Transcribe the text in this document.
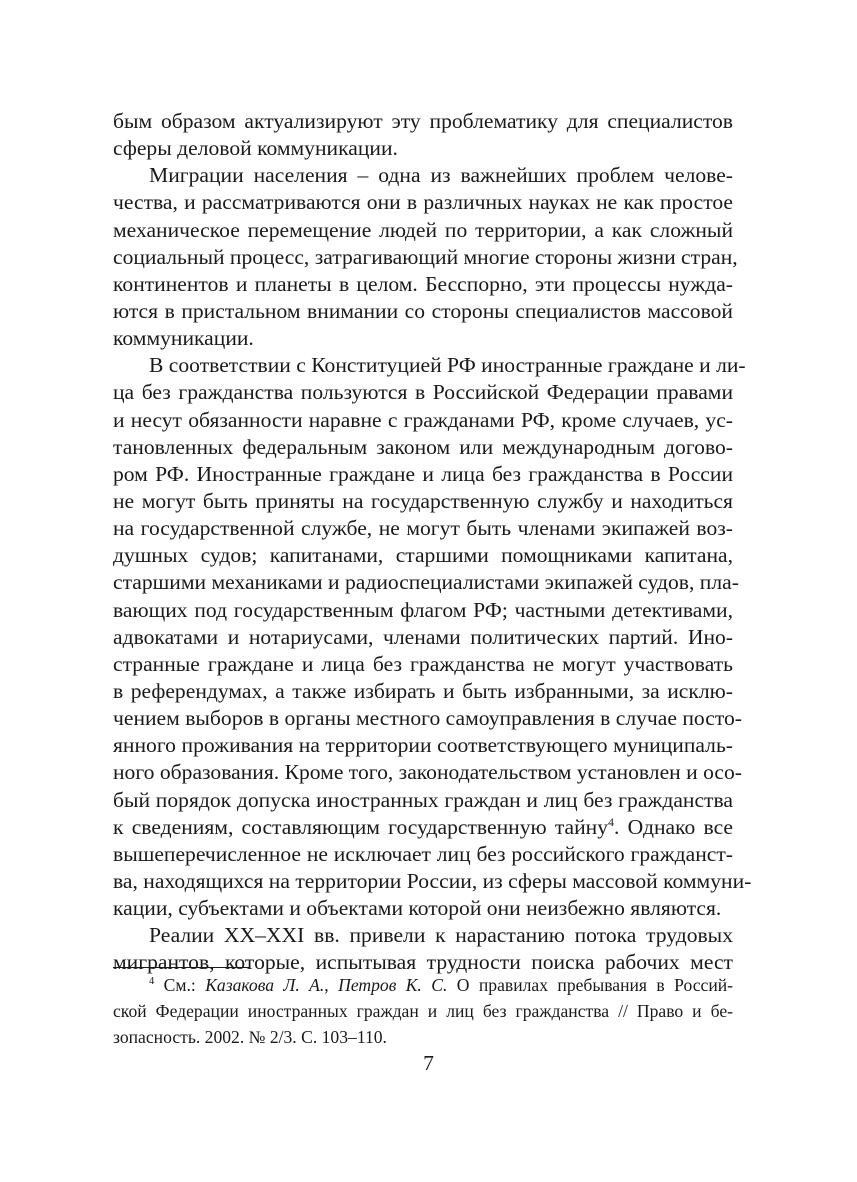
бым образом актуализируют эту проблематику для специалистов
сферы деловой коммуникации.
Миграции населения – одна из важнейших проблем челове-
чества, и рассматриваются они в различных науках не как простое
механическое перемещение людей по территории, а как сложный
социальный процесс, затрагивающий многие стороны жизни стран,
континентов и планеты в целом. Бесспорно, эти процессы нужда-
ются в пристальном внимании со стороны специалистов массовой
коммуникации.
В соответствии с Конституцией РФ иностранные граждане и ли-
ца без гражданства пользуются в Российской Федерации правами
и несут обязанности наравне с гражданами РФ, кроме случаев, ус-
тановленных федеральным законом или международным догово-
ром РФ. Иностранные граждане и лица без гражданства в России
не могут быть приняты на государственную службу и находиться
на государственной службе, не могут быть членами экипажей воз-
душных судов; капитанами, старшими помощниками капитана,
старшими механиками и радиоспециалистами экипажей судов, пла-
вающих под государственным флагом РФ; частными детективами,
адвокатами и нотариусами, членами политических партий. Ино-
странные граждане и лица без гражданства не могут участвовать
в референдумах, а также избирать и быть избранными, за исклю-
чением выборов в органы местного самоуправления в случае посто-
янного проживания на территории соответствующего муниципаль-
ного образования. Кроме того, законодательством установлен и осо-
бый порядок допуска иностранных граждан и лиц без гражданства
к сведениям, составляющим государственную тайну$^4$. Однако все
вышеперечисленное не исключает лиц без российского гражданст-
ва, находящихся на территории России, из сферы массовой коммуни-
кации, субъектами и объектами которой они неизбежно являются.
Реалии XX–XXI вв. привели к нарастанию потока трудовых
мигрантов, которые, испытывая трудности поиска рабочих мест
$^4$ См.: Казакова Л. А., Петров К. С. О правилах пребывания в Россий-
ской Федерации иностранных граждан и лиц без гражданства // Право и бе-
зопасность. 2002. № 2/3. С. 103–110.
7
